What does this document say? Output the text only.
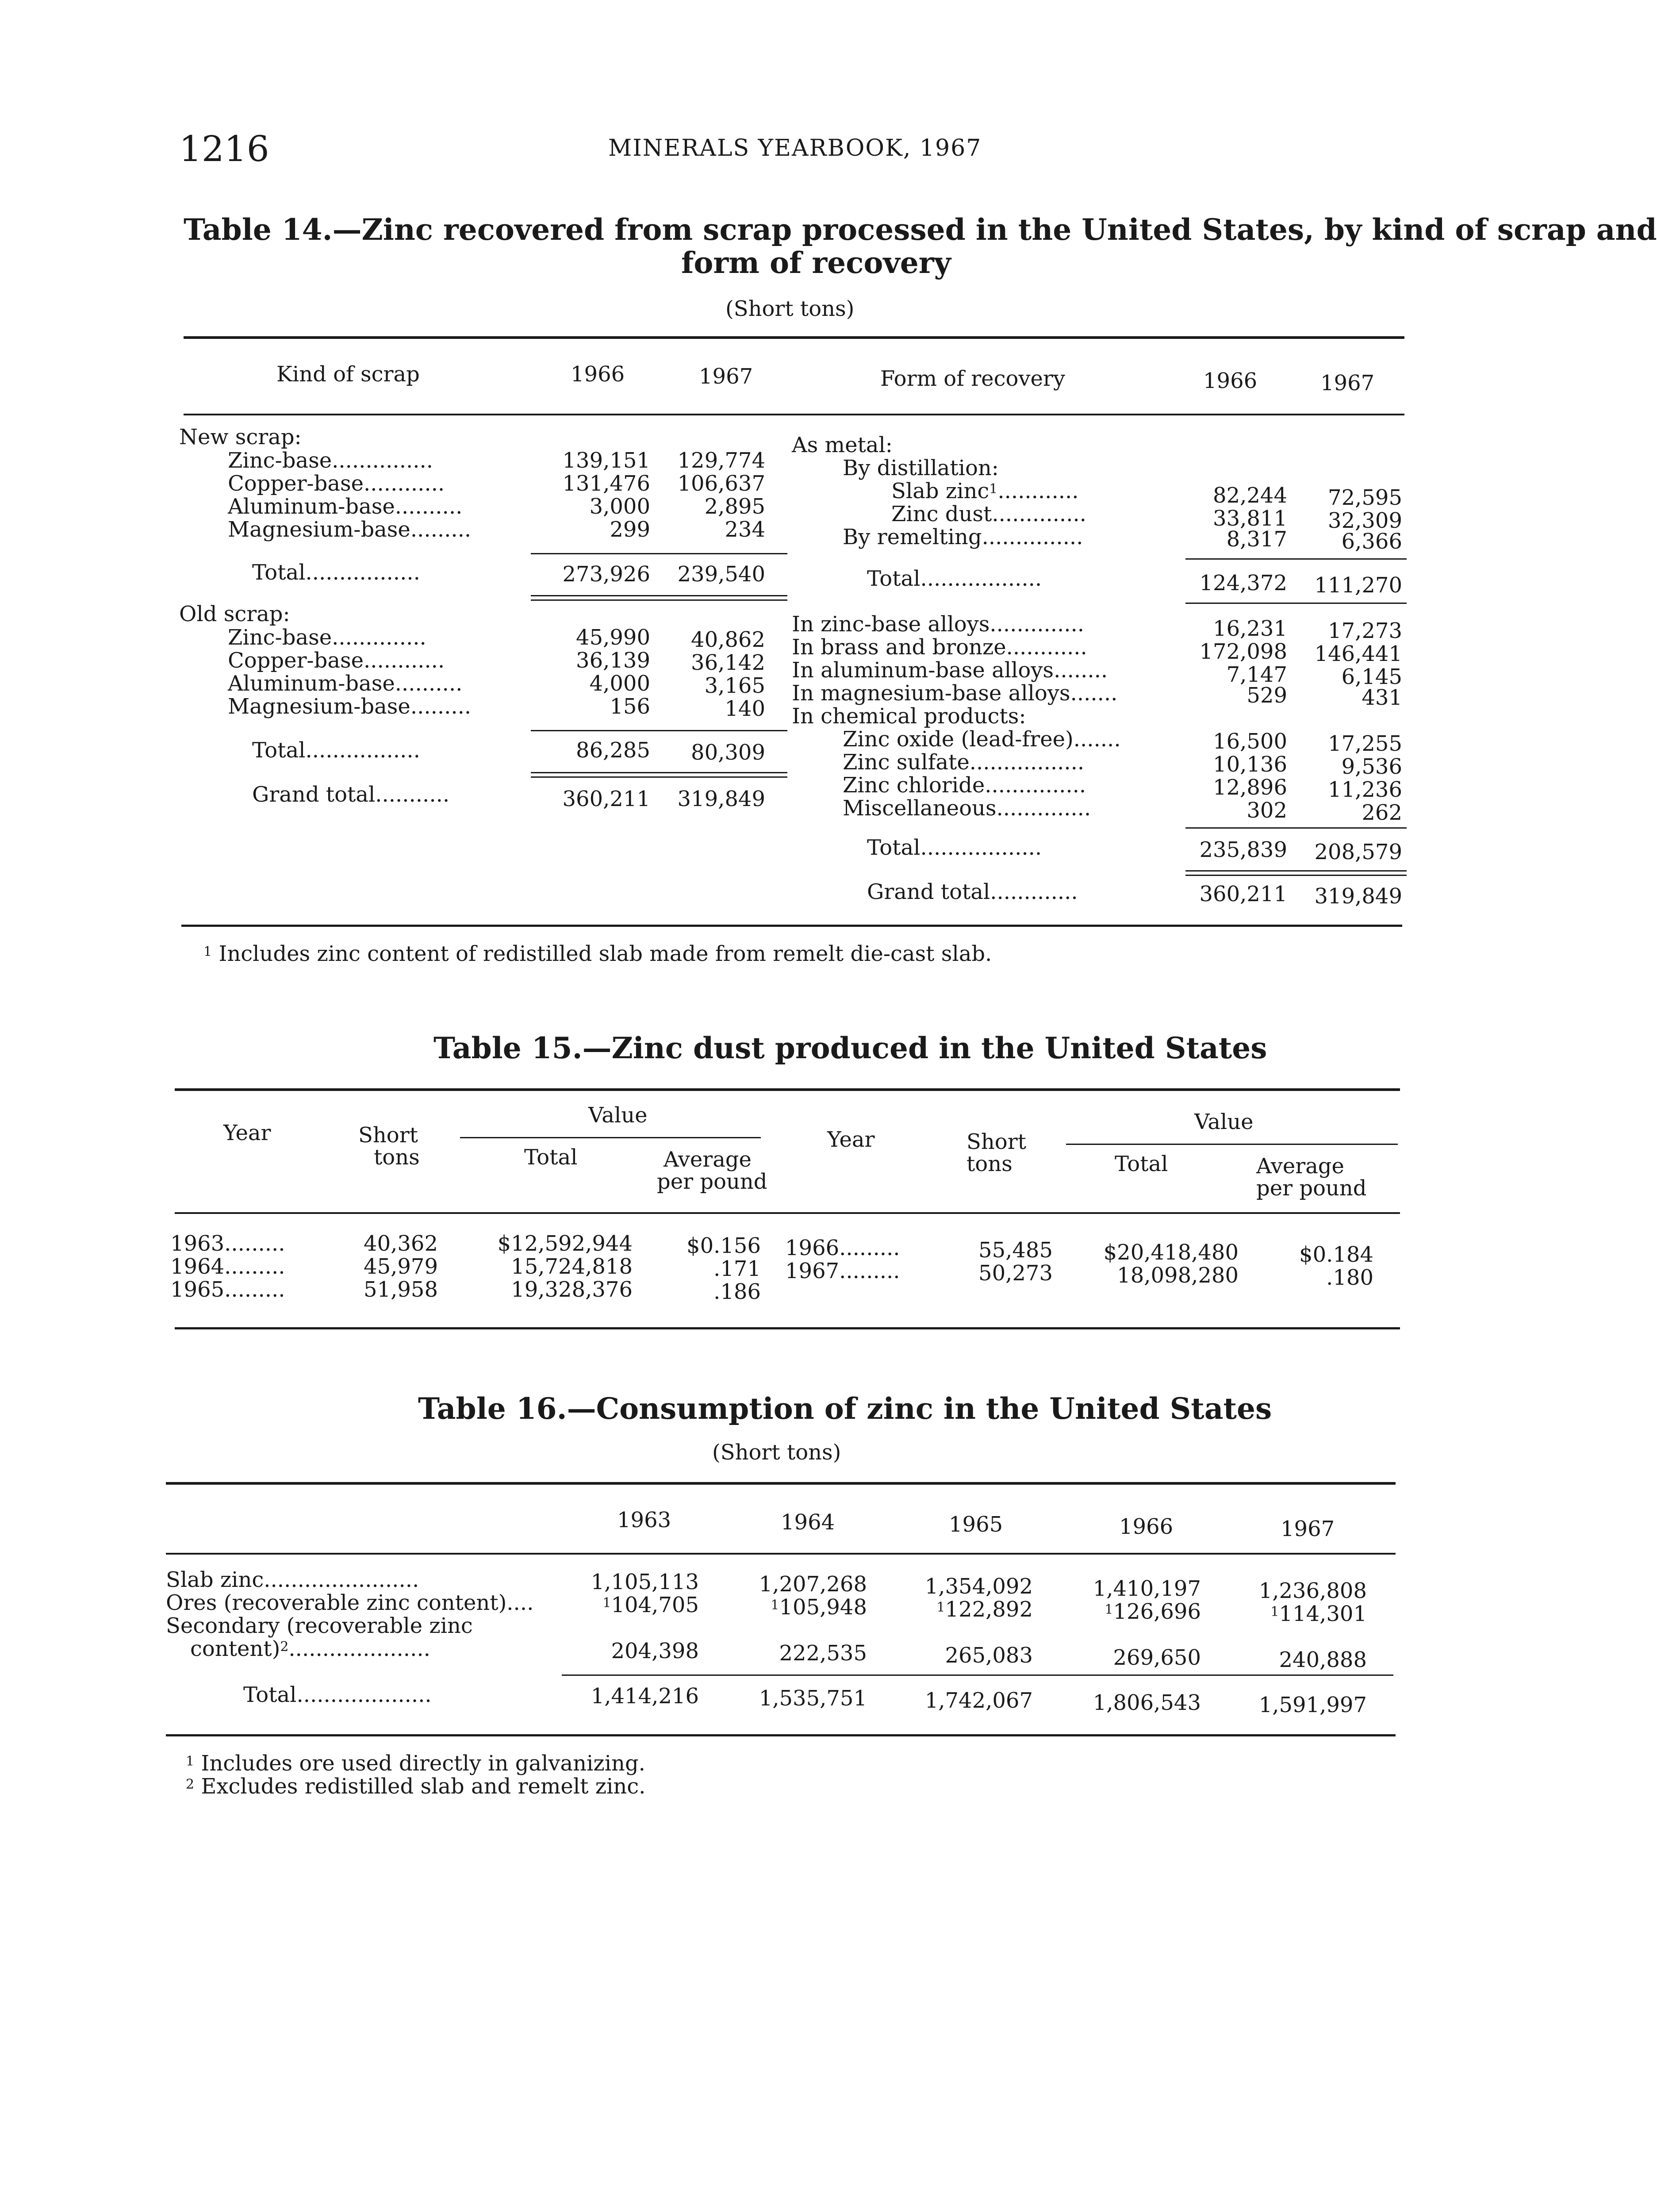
1216	MINERALS YEARBOOK, 1967
Table 14.—Zinc recovered from scrap processed in the United States, by kind of scrap and
form of recovery
(Short tons)
Kind of scrap	1966	1967	Form of recovery	1966	1967
New scrap:
Zinc-base...............	139,151	129,774
Copper-base............	131,476	106,637
Aluminum-base..........	3,000	2,895
Magnesium-base.........	299	234
Total.................	273,926	239,540
Old scrap:
Zinc-base..............	45,990	40,862
Copper-base............	36,139	36,142
Aluminum-base..........	4,000	3,165
Magnesium-base.........	156	140
Total.................	86,285	80,309
Grand total...........	360,211	319,849
As metal:
By distillation:
Slab zinc$^1$............	82,244	72,595
Zinc dust..............	33,811	32,309
By remelting...............	8,317	6,366
Total..................	124,372	111,270
In zinc-base alloys..............	16,231	17,273
In brass and bronze............	172,098	146,441
In aluminum-base alloys........	7,147	6,145
In magnesium-base alloys.......	529	431
In chemical products:
Zinc oxide (lead-free).......	16,500	17,255
Zinc sulfate.................	10,136	9,536
Zinc chloride...............	12,896	11,236
Miscellaneous..............	302	262
Total..................	235,839	208,579
Grand total.............	360,211	319,849
$^1$ Includes zinc content of redistilled slab made from remelt die-cast slab.
Table 15.—Zinc dust produced in the United States
Year	Short
tons
Value
Total	Average
per pound
Year	Short
tons
Value
Total	Average
per pound
1963.........	40,362	$12,592,944	$0.156
1964.........	45,979	15,724,818	.171
1965.........	51,958	19,328,376	.186
1966.........	55,485	$20,418,480	$0.184
1967.........	50,273	18,098,280	.180
Table 16.—Consumption of zinc in the United States
(Short tons)
1963	1964	1965	1966	1967
Slab zinc.......................	1,105,113	1,207,268	1,354,092	1,410,197	1,236,808
Ores (recoverable zinc content)....	$^1$104,705	$^1$105,948	$^1$122,892	$^1$126,696	$^1$114,301
Secondary (recoverable zinc
content)$^2$.....................	204,398	222,535	265,083	269,650	240,888
Total....................	1,414,216	1,535,751	1,742,067	1,806,543	1,591,997
$^1$ Includes ore used directly in galvanizing.
$^2$ Excludes redistilled slab and remelt zinc.
